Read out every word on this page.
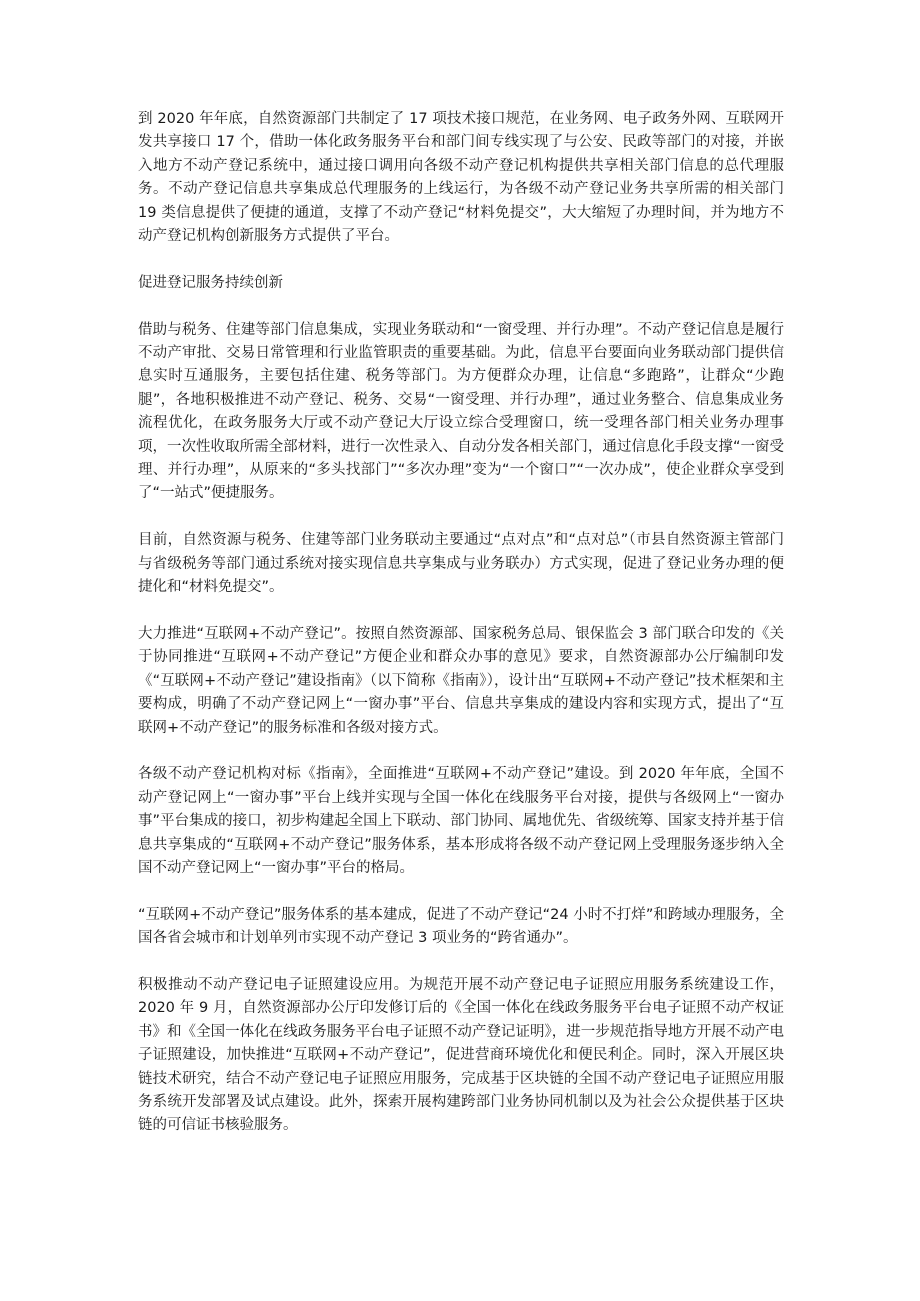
到 2020 年年底，自然资源部门共制定了 17 项技术接口规范，在业务网、电子政务外网、互联网开发共享接口 17 个，借助一体化政务服务平台和部门间专线实现了与公安、民政等部门的对接，并嵌入地方不动产登记系统中，通过接口调用向各级不动产登记机构提供共享相关部门信息的总代理服务。不动产登记信息共享集成总代理服务的上线运行，为各级不动产登记业务共享所需的相关部门 19 类信息提供了便捷的通道，支撑了不动产登记“材料免提交”，大大缩短了办理时间，并为地方不动产登记机构创新服务方式提供了平台。

促进登记服务持续创新

借助与税务、住建等部门信息集成，实现业务联动和“一窗受理、并行办理”。不动产登记信息是履行不动产审批、交易日常管理和行业监管职责的重要基础。为此，信息平台要面向业务联动部门提供信息实时互通服务，主要包括住建、税务等部门。为方便群众办理，让信息“多跑路”，让群众“少跑腿”，各地积极推进不动产登记、税务、交易“一窗受理、并行办理”，通过业务整合、信息集成业务流程优化，在政务服务大厅或不动产登记大厅设立综合受理窗口，统一受理各部门相关业务办理事项，一次性收取所需全部材料，进行一次性录入、自动分发各相关部门，通过信息化手段支撑“一窗受理、并行办理”，从原来的“多头找部门”“多次办理”变为“一个窗口”“一次办成”，使企业群众享受到了“一站式”便捷服务。

目前，自然资源与税务、住建等部门业务联动主要通过“点对点”和“点对总”（市县自然资源主管部门与省级税务等部门通过系统对接实现信息共享集成与业务联办）方式实现，促进了登记业务办理的便捷化和“材料免提交”。

大力推进“互联网+不动产登记”。按照自然资源部、国家税务总局、银保监会 3 部门联合印发的《关于协同推进“互联网+不动产登记”方便企业和群众办事的意见》要求，自然资源部办公厅编制印发《“互联网+不动产登记”建设指南》（以下简称《指南》），设计出“互联网+不动产登记”技术框架和主要构成，明确了不动产登记网上“一窗办事”平台、信息共享集成的建设内容和实现方式，提出了“互联网+不动产登记”的服务标准和各级对接方式。

各级不动产登记机构对标《指南》，全面推进“互联网+不动产登记”建设。到 2020 年年底，全国不动产登记网上“一窗办事”平台上线并实现与全国一体化在线服务平台对接，提供与各级网上“一窗办事”平台集成的接口，初步构建起全国上下联动、部门协同、属地优先、省级统筹、国家支持并基于信息共享集成的“互联网+不动产登记”服务体系，基本形成将各级不动产登记网上受理服务逐步纳入全国不动产登记网上“一窗办事”平台的格局。

“互联网+不动产登记”服务体系的基本建成，促进了不动产登记“24 小时不打烊”和跨域办理服务，全国各省会城市和计划单列市实现不动产登记 3 项业务的“跨省通办”。

积极推动不动产登记电子证照建设应用。为规范开展不动产登记电子证照应用服务系统建设工作，2020 年 9 月，自然资源部办公厅印发修订后的《全国一体化在线政务服务平台电子证照不动产权证书》和《全国一体化在线政务服务平台电子证照不动产登记证明》，进一步规范指导地方开展不动产电子证照建设，加快推进“互联网+不动产登记”，促进营商环境优化和便民利企。同时，深入开展区块链技术研究，结合不动产登记电子证照应用服务，完成基于区块链的全国不动产登记电子证照应用服务系统开发部署及试点建设。此外，探索开展构建跨部门业务协同机制以及为社会公众提供基于区块链的可信证书核验服务。
